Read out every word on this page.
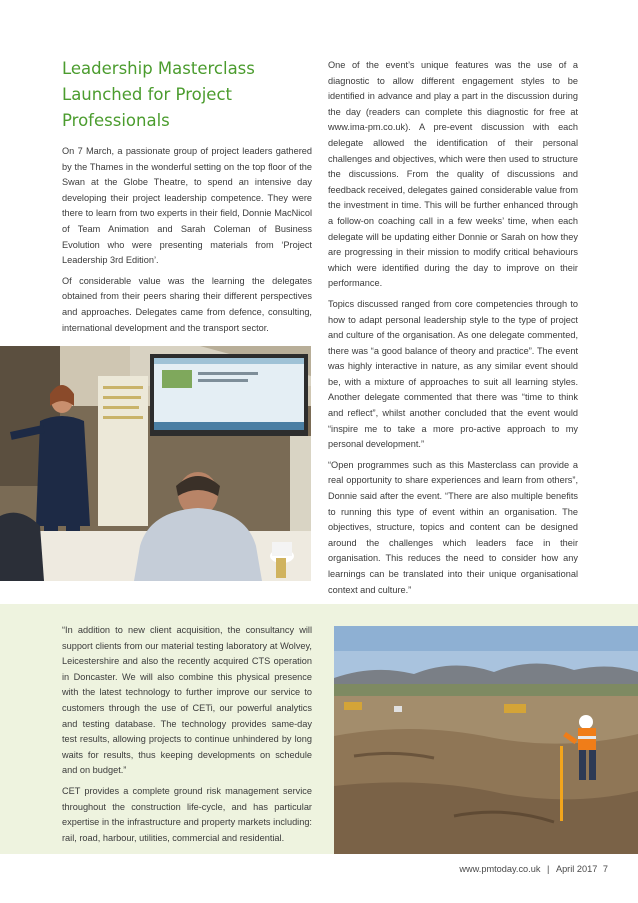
Leadership Masterclass Launched for Project Professionals

On 7 March, a passionate group of project leaders gathered by the Thames in the wonderful setting on the top floor of the Swan at the Globe Theatre, to spend an intensive day developing their project leadership competence. They were there to learn from two experts in their field, Donnie MacNicol of Team Animation and Sarah Coleman of Business Evolution who were presenting materials from ‘Project Leadership 3rd Edition’.

Of considerable value was the learning the delegates obtained from their peers sharing their different perspectives and approaches. Delegates came from defence, consulting, international development and the transport sector.

One of the event’s unique features was the use of a diagnostic to allow different engagement styles to be identified in advance and play a part in the discussion during the day (readers can complete this diagnostic for free at www.ima-pm.co.uk). A pre-event discussion with each delegate allowed the identification of their personal challenges and objectives, which were then used to structure the discussions. From the quality of discussions and feedback received, delegates gained considerable value from the investment in time. This will be further enhanced through a follow-on coaching call in a few weeks’ time, when each delegate will be updating either Donnie or Sarah on how they are progressing in their mission to modify critical behaviours which were identified during the day to improve on their performance.

Topics discussed ranged from core competencies through to how to adapt personal leadership style to the type of project and culture of the organisation. As one delegate commented, there was “a good balance of theory and practice”. The event was highly interactive in nature, as any similar event should be, with a mixture of approaches to suit all learning styles. Another delegate commented that there was “time to think and reflect”, whilst another concluded that the event would “inspire me to take a more pro-active approach to my personal development.”

“Open programmes such as this Masterclass can provide a real opportunity to share experiences and learn from others”, Donnie said after the event. “There are also multiple benefits to running this type of event within an organisation. The objectives, structure, topics and content can be designed around the challenges which leaders face in their organisation. This reduces the need to consider how any learnings can be translated into their unique organisational context and culture.”

“In addition to new client acquisition, the consultancy will support clients from our material testing laboratory at Wolvey, Leicestershire and also the recently acquired CTS operation in Doncaster. We will also combine this physical presence with the latest technology to further improve our service to customers through the use of CETi, our powerful analytics and testing database. The technology provides same-day test results, allowing projects to continue unhindered by long waits for results, thus keeping developments on schedule and on budget.”

CET provides a complete ground risk management service throughout the construction life-cycle, and has particular expertise in the infrastructure and property markets including: rail, road, harbour, utilities, commercial and residential.

www.pmtoday.co.uk | April 2017 7
